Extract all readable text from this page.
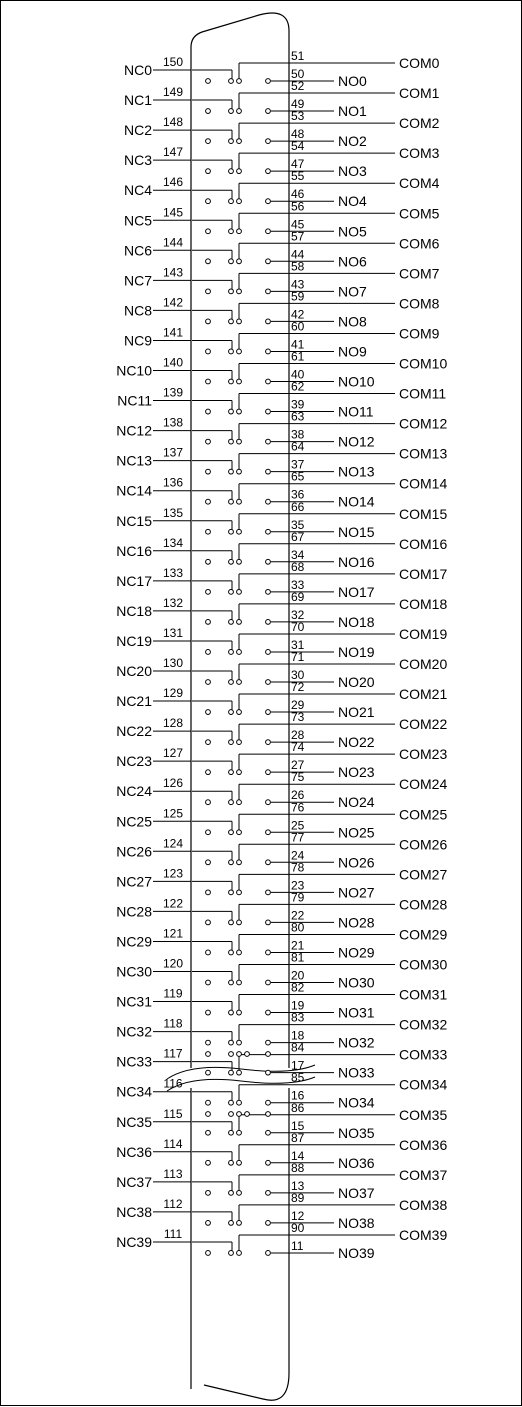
NC0 150	51	COM0
50 NO0
NC1 149	52	COM1
49 NO1
NC2
148	53	COM2
48 NO2
NC3 147	54	COM3
47 NO3
NC4 146	55	COM4
46 NO4
NC5 145	56	COM5
45 NO5
NC6 144	57	COM6
44 NO6
NC7 143	58	COM7
43 NO7
NC8 142	59	COM8
42 NO8
NC9 141	60	COM9
41 NO9
NC10 140	61	COM10
40 NO10
NC11 139	62	COM11
39 NO11
NC12 138	63	COM12
38 NO12
NC13 137	64	COM13
37 NO13
NC14 136	65	COM14
36 NO14
NC15 135	66	COM15
35 NO15
NC16 134	67	COM16
34 NO16
NC17 133	68	COM17
33 NO17
NC18 132	69	COM18
32 NO18
NC19 131	70	COM19
31 NO19
NC20 130	71	COM20
30 NO20
NC21 129	72	COM21
29 NO21
NC22 128	73	COM22
28 NO22
NC23 127	74	COM23
27 NO23
NC24 126	75	COM24
26 NO24
NC25 125	76	COM25
25 NO25
NC26 124	77	COM26
24 NO26
NC27 123	78	COM27
23 NO27
NC28 122	79	COM28
22 NO28
NC29 121	80	COM29
21 NO29
NC30 120	81	COM30
20 NO30
NC31 119	82	COM31
19 NO31
NC32 118	83	COM32
18 NO32
NC33 117	84	COM33
17 NO33
NC34 116	85	COM34
16 NO34
NC35 115	86	COM35
15 NO35
NC36 114	87	COM36
14 NO36
NC37 113	88	COM37
13 NO37
NC38 112	89	COM38
12 NO38
NC39 111	90	COM39
11 NO39
